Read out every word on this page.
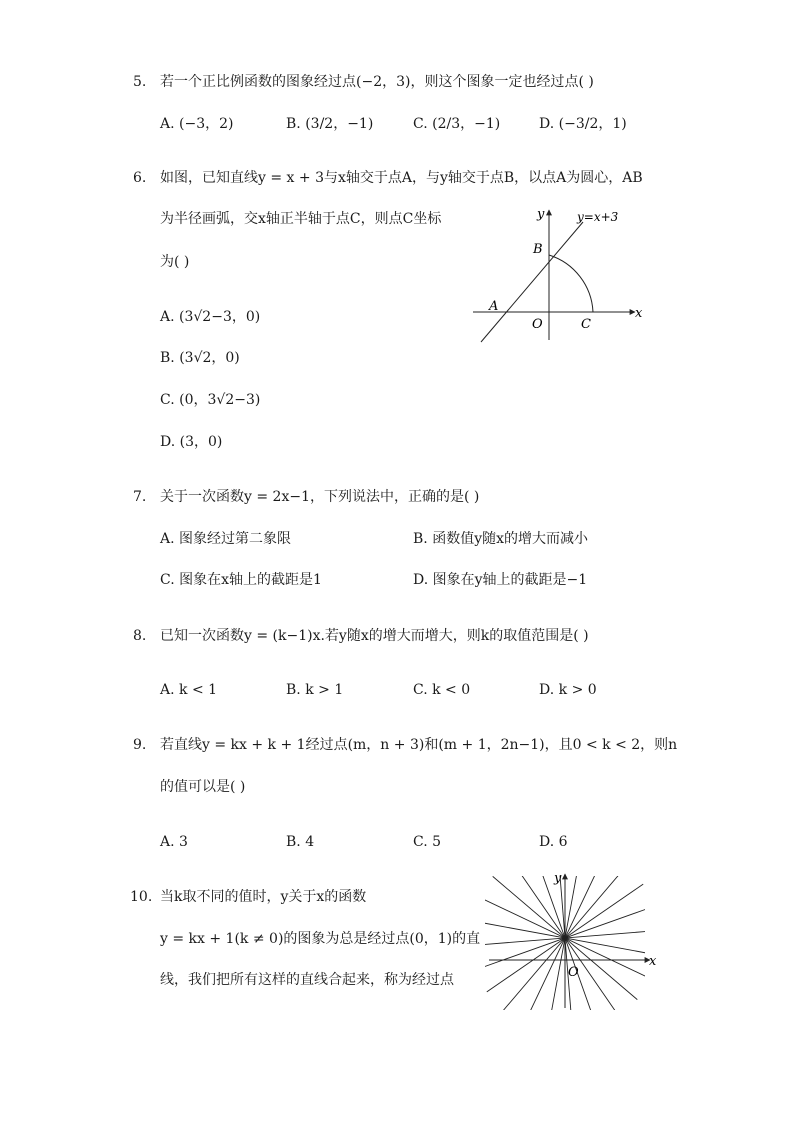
5. 若一个正比例函数的图象经过点(−2，3)，则这个图象一定也经过点( )
A. (−3，2)	B. (3/2，−1)	C. (2/3，−1)	D. (−3/2，1)
6. 如图，已知直线y = x + 3与x轴交于点A，与y轴交于点B，以点A为圆心，AB
为半径画弧，交x轴正半轴于点C，则点C坐标
为( )
A. (3√2−3，0)
B. (3√2，0)
C. (0，3√2−3)
D. (3，0)
y	y=x+3
B
A
O	C
x
7. 关于一次函数y = 2x−1，下列说法中，正确的是( )
A. 图象经过第二象限	B. 函数值y随x的增大而减小
C. 图象在x轴上的截距是1	D. 图象在y轴上的截距是−1
8. 已知一次函数y = (k−1)x.若y随x的增大而增大，则k的取值范围是( )
A. k < 1	B. k > 1	C. k < 0	D. k > 0
9. 若直线y = kx + k + 1经过点(m，n + 3)和(m + 1，2n−1)，且0 < k < 2，则n
的值可以是( )
A. 3	B. 4	C. 5	D. 6
10. 当k取不同的值时，y关于x的函数
y = kx + 1(k ≠ 0)的图象为总是经过点(0，1)的直
线，我们把所有这样的直线合起来，称为经过点
y
O
x
